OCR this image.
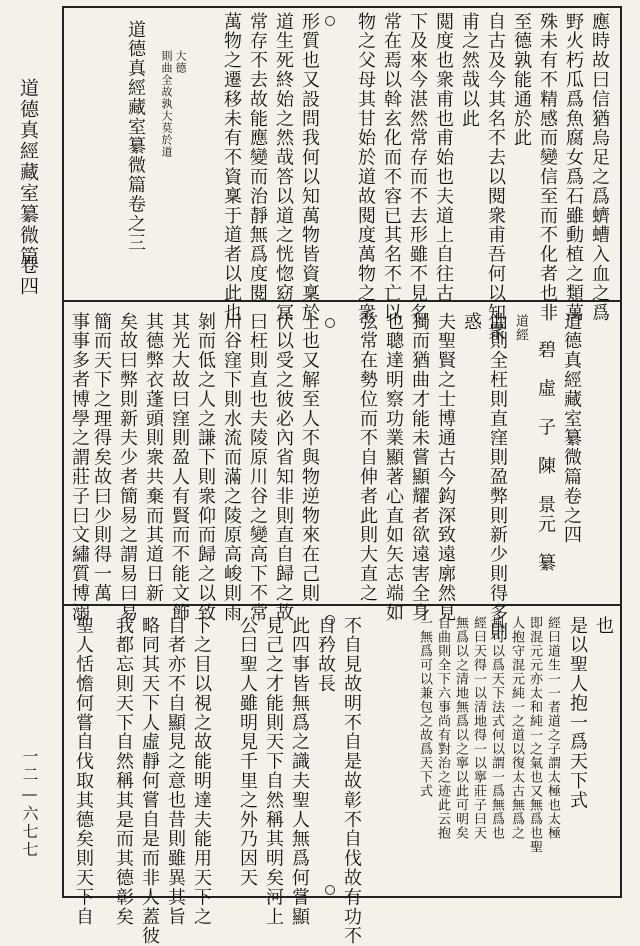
道德真經藏室纂微篇
卷四
一二—六七七
應時故曰信猶烏足之爲蠐螬入血之爲
野火朽瓜爲魚腐女爲石雖動植之類萬
殊未有不精感而變信至而不化者也非
至德孰能通於此
自古及今其名不去以閱衆甫吾何以知衆
甫之然哉以此
閲度也衆甫也甫始也夫道上自往古
下及來今湛然常存而不去形雖不見名
常在焉以斡玄化而不容已其名不亡以
物之父母其甘始於道故閱度萬物之衆
形質也又設問我何以知萬物皆資稟於
道生死終始之然哉答以道之恍惚窈冥
常存不去故能應變而治靜無爲度閱
萬物之遷移未有不資稟于道者以此也
大德
則曲全故孰大莫於道
道德真經藏室纂微篇卷之三
道德真經藏室纂微篇卷之四
碧　虛　子　陳　景元　纂
道經
曲則全枉則直窪則盈弊則新少則得多則
惑
夫聖賢之士博通古今鈎深致遠廓然見
獨而猶曲才能未嘗顯耀者欲遠害全身
也聰達明察功業顯著心直如矢志端如
弦常在勢位而不自伸者此則大直之
士也又解至人不與物逆物來在己則
伏以受之彼必內省知非則直自歸之故
曰枉則直也夫陵原川谷之變高下不常
川谷窪下則水流而滿之陵原高峻則雨
剝而低之人之謙下則衆仰而歸之以致
其光大故曰窪則盈人有賢而不能文飾
其德弊衣蓬頭則衆共棄而其道日新
矣故曰弊則新夫少者簡易之謂易曰易
簡而天下之理得矣故曰少則得一萬
事事多者博學之謂莊子曰文繡質博溺
也
是以聖人抱一爲天下式
經曰道生一一者道之子謂太極也太極
即混元元亦太和純一之氣也又無爲也聖
人抱守混元純一之道以復太古無爲之
風可以爲天下法式何以謂一爲無爲也
經曰天得一以清地得一以寧莊子曰天
無爲以之清地無爲以之寧以此可明矣
自曲則全下六事尚有對治之迹此云抱
一無爲可以兼包之故爲天下式
不自見故明不自是故彰不自伐故有功不
自矜故長
此四事皆無爲之識夫聖人無爲何嘗顯
見己之才能則天下自然稱其明矣河上
公曰聖人雖明見千里之外乃因天
下之目以視之故能明達夫能用天下之
目者亦不自顯見之意也昔則雖異其旨
略同其天下人虛靜何嘗自是而非人蓋彼
我都忘則天下自然稱其是而其德彰矣
聖人恬憺何嘗自伐取其德矣則天下自
